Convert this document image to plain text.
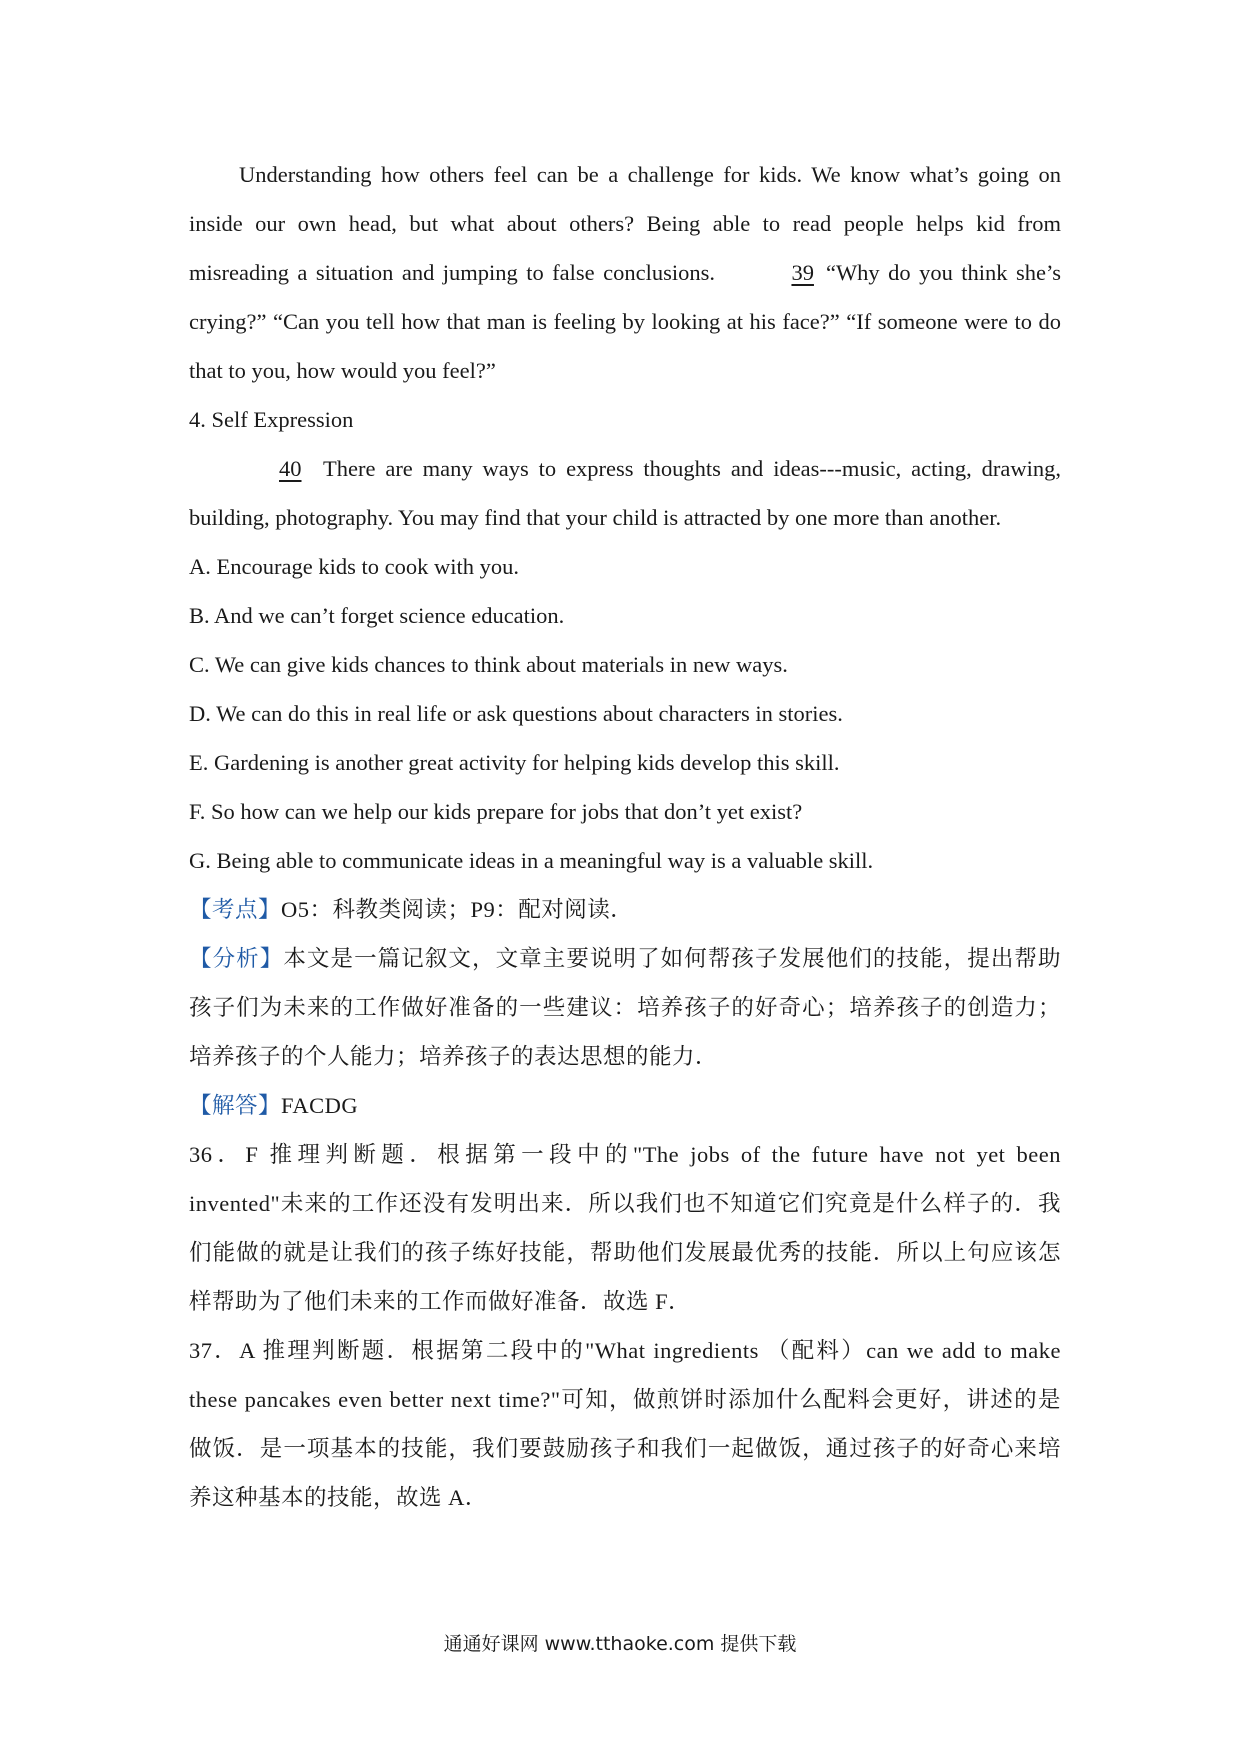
Understanding how others feel can be a challenge for kids. We know what’s going on inside our own head, but what about others? Being able to read people helps kid from misreading a situation and jumping to false conclusions.	39 “Why do you think she’s crying?” “Can you tell how that man is feeling by looking at his face?” “If someone were to do that to you, how would you feel?”

4. Self Expression

40 There are many ways to express thoughts and ideas---music, acting, drawing, building, photography. You may find that your child is attracted by one more than another.

A. Encourage kids to cook with you.

B. And we can’t forget science education.

C. We can give kids chances to think about materials in new ways.

D. We can do this in real life or ask questions about characters in stories.

E. Gardening is another great activity for helping kids develop this skill.

F. So how can we help our kids prepare for jobs that don’t yet exist?

G. Being able to communicate ideas in a meaningful way is a valuable skill.

【考点】O5：科教类阅读；P9：配对阅读．

【分析】本文是一篇记叙文，文章主要说明了如何帮孩子发展他们的技能，提出帮助孩子们为未来的工作做好准备的一些建议：培养孩子的好奇心；培养孩子的创造力；培养孩子的个人能力；培养孩子的表达思想的能力．

【解答】FACDG

36．F 推理判断题．根据第一段中的"The jobs of the future have not yet been invented"未来的工作还没有发明出来．所以我们也不知道它们究竟是什么样子的．我们能做的就是让我们的孩子练好技能，帮助他们发展最优秀的技能．所以上句应该怎样帮助为了他们未来的工作而做好准备．故选 F．

37．A 推理判断题．根据第二段中的"What ingredients （配料）can we add to make these pancakes even better next time?"可知，做煎饼时添加什么配料会更好，讲述的是做饭．是一项基本的技能，我们要鼓励孩子和我们一起做饭，通过孩子的好奇心来培养这种基本的技能，故选 A．

通通好课网 www.tthaoke.com 提供下载
